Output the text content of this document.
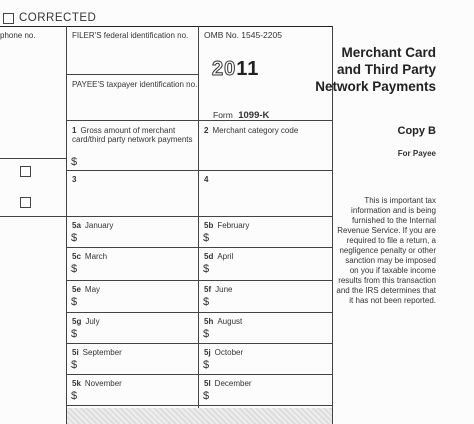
CORRECTED
phone no.	FILER'S federal identification no.
PAYEE'S taxpayer identification no.
OMB No. 1545-2205
2011
Form 1099-K
Merchant Card
and Third Party
Network Payments
Copy B
For Payee
This is important tax information and is being furnished to the Internal Revenue Service. If you are required to file a return, a negligence penalty or other sanction may be imposed on you if taxable income results from this transaction and the IRS determines that it has not been reported.
1 Gross amount of merchant card/third party network payments
$
2 Merchant category code
3	4
5a January
$
5b February
$
5c March
$
5d April
$
5e May
$
5f June
$
5g July
$
5h August
$
5i September
$
5j October
$
5k November
$
5l December
$
